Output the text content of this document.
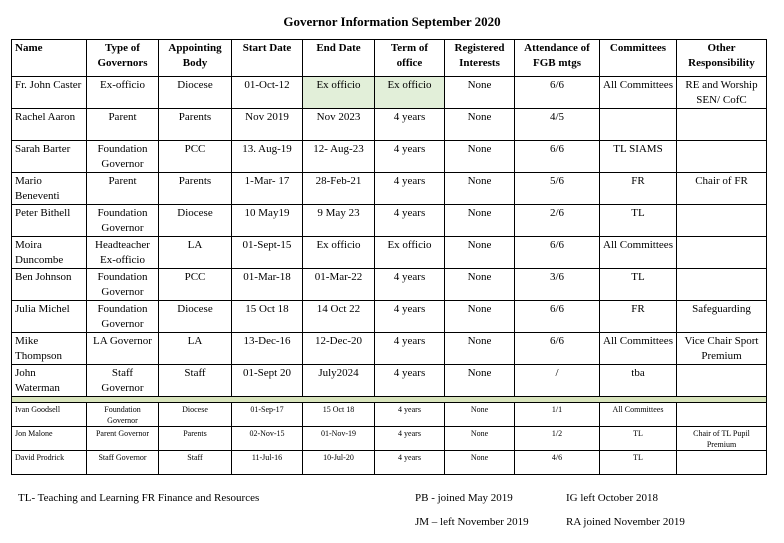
Governor Information September 2020
Name	Type of Governors	Appointing Body	Start Date	End Date	Term of office	Registered Interests	Attendance of FGB mtgs	Committees	Other Responsibility
Fr. John Caster	Ex-officio	Diocese	01-Oct-12	Ex officio	Ex officio	None	6/6	All Committees	RE and Worship SEN/ CofC
Rachel Aaron	Parent	Parents	Nov 2019	Nov 2023	4 years	None	4/5		
Sarah Barter	Foundation Governor	PCC	13. Aug-19	12- Aug-23	4 years	None	6/6	TL SIAMS	
Mario Beneventi	Parent	Parents	1-Mar- 17	28-Feb-21	4 years	None	5/6	FR	Chair of FR
Peter Bithell	Foundation Governor	Diocese	10 May19	9 May 23	4 years	None	2/6	TL	
Moira Duncombe	Headteacher Ex-officio	LA	01-Sept-15	Ex officio	Ex officio	None	6/6	All Committees	
Ben Johnson	Foundation Governor	PCC	01-Mar-18	01-Mar-22	4 years	None	3/6	TL	
Julia Michel	Foundation Governor	Diocese	15 Oct 18	14 Oct 22	4 years	None	6/6	FR	Safeguarding
Mike Thompson	LA Governor	LA	13-Dec-16	12-Dec-20	4 years	None	6/6	All Committees	Vice Chair Sport Premium
John Waterman	Staff Governor	Staff	01-Sept 20	July2024	4 years	None	/	tba	

Ivan Goodsell	Foundation Governor	Diocese	01-Sep-17	15 Oct 18	4 years	None	1/1	All Committees	
Jon Malone	Parent Governor	Parents	02-Nov-15	01-Nov-19	4 years	None	1/2	TL	Chair of TL Pupil Premium
David Prodrick	Staff Governor	Staff	11-Jul-16	10-Jul-20	4 years	None	4/6	TL	
TL- Teaching and Learning FR Finance and Resources	PB - joined May 2019	IG left October 2018
JM – left November 2019	RA joined November 2019
